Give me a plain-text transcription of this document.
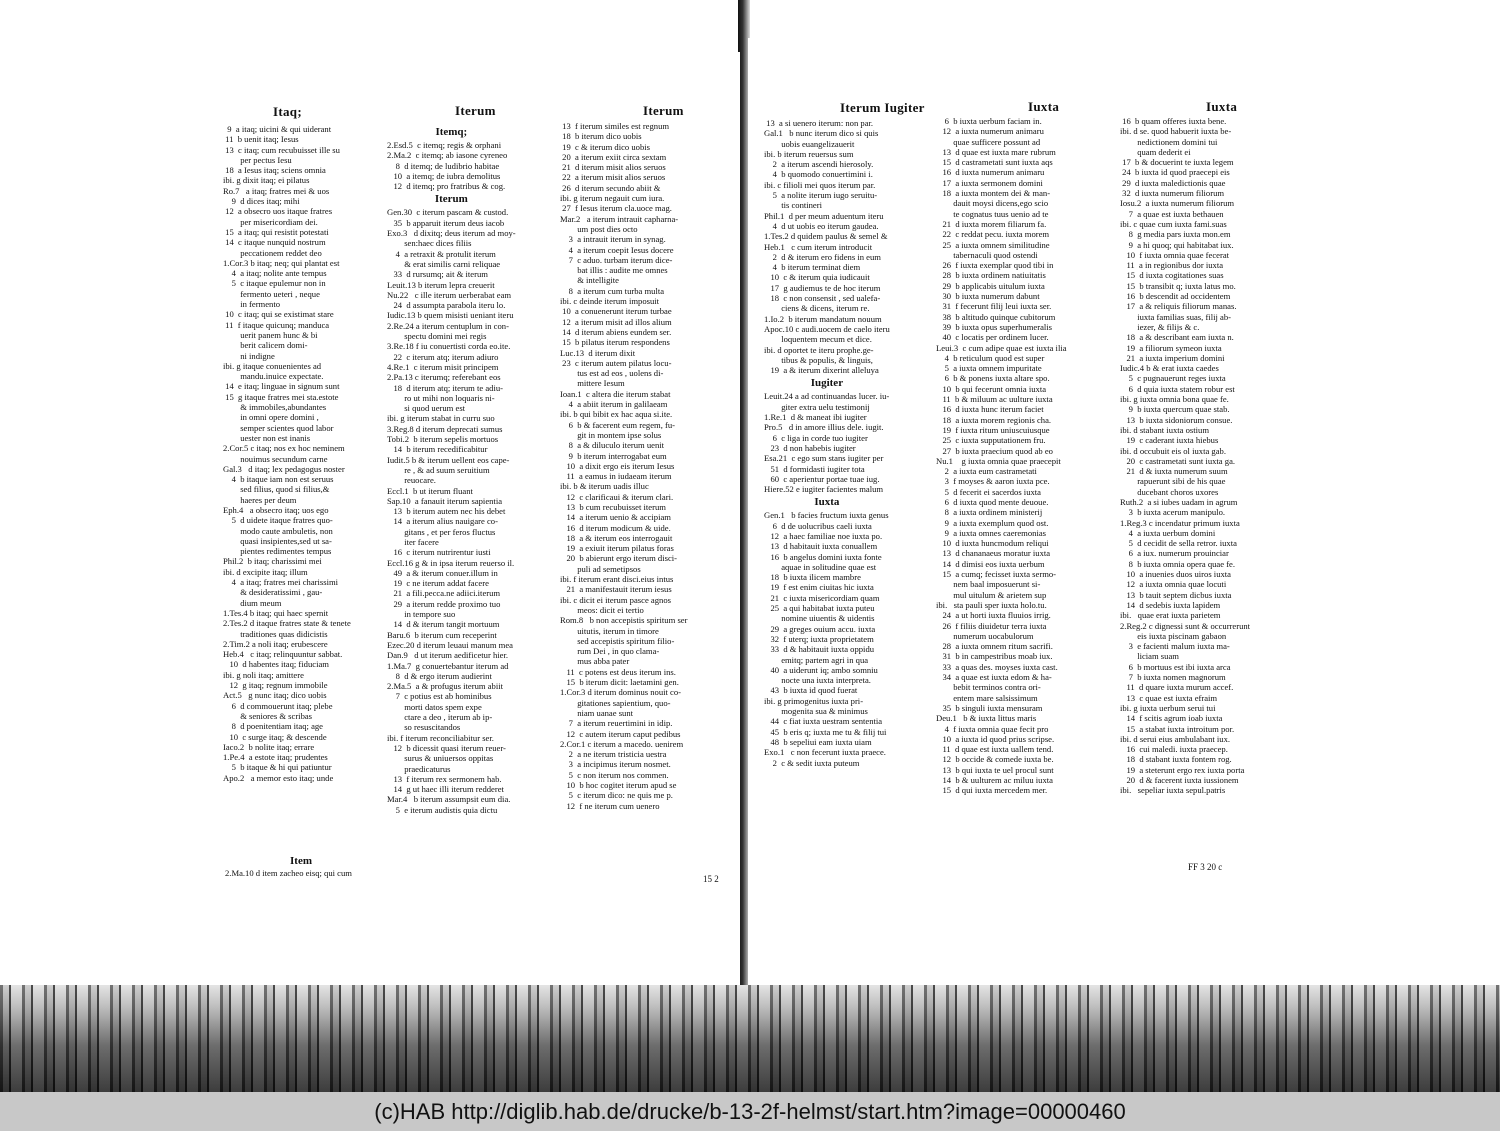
Itaq;	Iterum	Iterum
9  a itaq; uicini & qui uiderant
11  b uenit itaq; Iesus
13  c itaq; cum recubuisset ille su
per pectus Iesu
18  a Iesus itaq; sciens omnia
ibi. g dixit itaq; ei pilatus
Ro.7   a itaq; fratres mei & uos
9  d dices itaq; mihi
12  a obsecro uos itaque fratres
per misericordiam dei.
15  a itaq; qui resistit potestati
14  c itaque nunquid nostrum
peccationem reddet deo
1.Cor.3 b itaq; neq; qui plantat est
4  a itaq; nolite ante tempus
5  c itaque epulemur non in
fermento ueteri , neque
in fermento
10  c itaq; qui se existimat stare
11  f itaque quicunq; manduca
uerit panem hunc & bi
berit calicem domi-
ni indigne
ibi. g itaque conuenientes ad
mandu.inuice expectate.
14  e itaq; linguae in signum sunt
15  g itaque fratres mei sta.estote
& immobiles,abundantes
in omni opere domini ,
semper scientes quod labor
uester non est inanis
2.Cor.5 c itaq; nos ex hoc neminem
nouimus secundum carne
Gal.3   d itaq; lex pedagogus noster
4  b itaque iam non est seruus
sed filius, quod si filius,&
haeres per deum
Eph.4   a obsecro itaq; uos ego
5  d uidete itaque fratres quo-
modo caute ambuletis, non
quasi insipientes,sed ut sa-
pientes redimentes tempus
Phil.2  b itaq; charissimi mei
ibi. d excipite itaq; illum
4  a itaq; fratres mei charissimi
& desideratissimi , gau-
dium meum
1.Tes.4 b itaq; qui haec spernit
2.Tes.2 d itaque fratres state & tenete
traditiones quas didicistis
2.Tim.2 a noli itaq; erubescere
Heb.4   c itaq; relinquuntur sabbat.
10  d habentes itaq; fiduciam
ibi. g noli itaq; amittere
12  g itaq; regnum immobile
Act.5   g nunc itaq; dico uobis
6  d commouerunt itaq; plebe
& seniores & scribas
8  d poenitentiam itaq; age
10  c surge itaq; & descende
Iaco.2  b nolite itaq; errare
1.Pe.4  a estote itaq; prudentes
5  b itaque & hi qui patiuntur
Apo.2   a memor esto itaq; unde
Itemq;
2.Esd.5  c itemq; regis & orphani
2.Ma.2  c itemq; ab iasone cyreneo
8  d itemq; de ludibrio habitae
10  a itemq; de iubra demolitus
12  d itemq; pro fratribus & cog.
Iterum
Gen.30  c iterum pascam & custod.
35  b apparuit iterum deus iacob
Exo.3   d dixitq; deus iterum ad moy-
sen:haec dices filiis
4  a retraxit & protulit iterum
& erat similis carni reliquae
33  d rursumq; ait & iterum
Leuit.13 b iterum lepra creuerit
Nu.22   c ille iterum uerberabat eam
24  d assumpta parabola iteru lo.
Iudic.13 b quem misisti ueniant iteru
2.Re.24 a iterum centuplum in con-
spectu domini mei regis
3.Re.18 f iu conuertisti corda eo.ite.
22  c iterum atq; iterum adiuro
4.Re.1  c iterum misit principem
2.Pa.13 c iterumq; referebant eos
18  d iterum atq; iterum te adiu-
ro ut mihi non loquaris ni-
si quod uerum est
ibi. g iterum stabat in curru suo
3.Reg.8 d iterum deprecati sumus
Tobi.2  b iterum sepelis mortuos
14  b iterum recedificabitur
Iudit.5 b & iterum uellent eos cape-
re , & ad suum seruitium
reuocare.
Eccl.1  b ut iterum fluant
Sap.10  a fanauit iterum sapientia
13  b iterum autem nec his debet
14  a iterum alius nauigare co-
gitans , et per feros fluctus
iter facere
16  c iterum nutrirentur iusti
Eccl.16 g & in ipsa iterum reuerso il.
49  a & iterum conuer.illum in
19  c ne iterum addat facere
21  a fili.pecca.ne adiici.iterum
29  a iterum redde proximo tuo
in tempore suo
14  d & iterum tangit mortuum
Baru.6  b iterum cum receperint
Ezec.20 d iterum leuaui manum mea
Dan.9   d ut iterum aedificetur hier.
1.Ma.7  g conuertebantur iterum ad
8  d & ergo iterum audierint
2.Ma.5  a & profugus iterum abiit
7  c potius est ab hominibus
morti datos spem expe
ctare a deo , iterum ab ip-
so resuscitandos
ibi. f iterum reconciliabitur ser.
12  b dicessit quasi iterum reuer-
surus & uniuersos oppitas
praedicaturus
13  f iterum rex sermonem hab.
14  g ut haec illi iterum redderet
Mar.4   b iterum assumpsit eum dia.
5  e iterum audistis quia dictu
13  f iterum similes est regnum
18  b iterum dico uobis
19  c & iterum dico uobis
20  a iterum exiit circa sextam
21  d iterum misit alios seruos
22  a iterum misit alios seruos
26  d iterum secundo abiit &
ibi. g iterum negauit cum iura.
27  f Iesus iterum cla.uoce mag.
Mar.2   a iterum intrauit capharna-
um post dies octo
3  a intrauit iterum in synag.
4  a iterum coepit Iesus docere
7  c aduo. turbam iterum dice-
bat illis : audite me omnes
& intelligite
8  a iterum cum turba multa
ibi. c deinde iterum imposuit
10  a conuenerunt iterum turbae
12  a iterum misit ad illos alium
14  d iterum abiens eundem ser.
15  b pilatus iterum respondens
Luc.13  d iterum dixit
23  c iterum autem pilatus locu-
tus est ad eos , uolens di-
mittere Iesum
Ioan.1  c altera die iterum stabat
4  a abiit iterum in galilaeam
ibi. b qui bibit ex hac aqua si.ite.
6  b & facerent eum regem, fu-
git in montem ipse solus
8  a & diluculo iterum uenit
9  b iterum interrogabat eum
10  a dixit ergo eis iterum Iesus
11  a eamus in iudaeam iterum
ibi. b & iterum uadis illuc
12  c clarificaui & iterum clari.
13  b cum recubuisset iterum
14  a iterum uenio & accipiam
16  d iterum modicum & uide.
18  a & iterum eos interrogauit
19  a exiuit iterum pilatus foras
20  b abierunt ergo iterum disci-
puli ad semetipsos
ibi. f iterum erant disci.eius intus
21  a manifestauit iterum iesus
ibi. c dicit ei iterum pasce agnos
meos: dicit ei tertio
Rom.8   b non accepistis spiritum ser
uitutis, iterum in timore
sed accepistis spiritum filio-
rum Dei , in quo clama-
mus abba pater
11  c potens est deus iterum ins.
15  b iterum dicit: laetamini gen.
1.Cor.3 d iterum dominus nouit co-
gitationes sapientium, quo-
niam uanae sunt
7  a iterum reuertimini in idip.
12  c autem iterum caput pedibus
2.Cor.1 c iterum a macedo. uenirem
2  a ne iterum tristicia uestra
3  a incipimus iterum nosmet.
5  c non iterum nos commen.
10  b hoc cogitet iterum apud se
5  c iterum dico: ne quis me p.
12  f ne iterum cum uenero
Item
2.Ma.10 d item zacheo eisq; qui cum
15 2
Iterum Iugiter	Iuxta	Iuxta
13  a si uenero iterum: non par.
Gal.1   b nunc iterum dico si quis
uobis euangelizauerit
ibi. b iterum reuersus sum
2  a iterum ascendi hierosoly.
4  b quomodo conuertimini i.
ibi. c filioli mei quos iterum par.
5  a nolite iterum iugo seruitu-
tis contineri
Phil.1  d per meum aduentum iteru
4  d ut uobis eo iterum gaudea.
1.Tes.2 d quidem paulus & semel &
Heb.1   c cum iterum introducit
2  d & iterum ero fidens in eum
4  b iterum terminat diem
10  c & iterum quia iudicauit
17  g audiemus te de hoc iterum
18  c non consensit , sed ualefa-
ciens & dicens, iterum re.
1.Io.2  b iterum mandatum nouum
Apoc.10 c audi.uocem de caelo iteru
loquentem mecum et dice.
ibi. d oportet te iteru prophe.ge-
tibus & populis, & linguis,
19  a & iterum dixerint alleluya
Iugiter
Leuit.24 a ad continuandas lucer. iu-
giter extra uelu testimonij
1.Re.1  d & maneat ibi iugiter
Pro.5   d in amore illius dele. iugit.
6  c liga in corde tuo iugiter
23  d non habebis iugiter
Esa.21  c ego sum stans iugiter per
51  d formidasti iugiter tota
60  c aperientur portae tuae iug.
Hiere.52 e iugiter facientes malum
Iuxta
Gen.1   b facies fructum iuxta genus
6  d de uolucribus caeli iuxta
12  a haec familiae noe iuxta po.
13  d habitauit iuxta conuallem
16  b angelus domini iuxta fonte
aquae in solitudine quae est
18  b iuxta ilicem mambre
19  f est enim ciuitas hic iuxta
21  c iuxta misericordiam quam
25  a qui habitabat iuxta puteu
nomine uiuentis & uidentis
29  a greges ouium accu. iuxta
32  f uterq; iuxta proprietatem
33  d & habitauit iuxta oppidu
emitq; partem agri in qua
40  a uiderunt iq; ambo somniu
nocte una iuxta interpreta.
43  b iuxta id quod fuerat
ibi. g primogenitus iuxta pri-
mogenita sua & minimus
44  c fiat iuxta uestram sententia
45  b eris q; iuxta me tu & filij tui
48  b sepeliui eam iuxta uiam
Exo.1   c non fecerunt iuxta praece.
2  c & sedit iuxta puteum
6  b iuxta uerbum faciam in.
12  a iuxta numerum animaru
quae sufficere possunt ad
13  d quae est iuxta mare rubrum
15  d castrametati sunt iuxta aqs
16  d iuxta numerum animaru
17  a iuxta sermonem domini
18  a iuxta montem dei & man-
dauit moysi dicens,ego scio
te cognatus tuus uenio ad te
21  d iuxta morem filiarum fa.
22  c reddat pecu. iuxta morem
25  a iuxta omnem similitudine
tabernaculi quod ostendi
26  f iuxta exemplar quod tibi in
28  b iuxta ordinem natiuitatis
29  b applicabis uitulum iuxta
30  b iuxta numerum dabunt
31  f fecerunt filij leui iuxta ser.
38  b altitudo quinque cubitorum
39  b iuxta opus superhumeralis
40  c locatis per ordinem lucer.
Leui.3  c cum adipe quae est iuxta ilia
4  b reticulum quod est super
5  a iuxta omnem impuritate
6  b & ponens iuxta altare spo.
10  b qui fecerunt omnia iuxta
11  b & miluum ac uulture iuxta
16  d iuxta hunc iterum faciet
18  a iuxta morem regionis cha.
19  f iuxta ritum uniuscuiusque
25  c iuxta supputationem fru.
27  b iuxta praecium quod ab eo
Nu.1    g iuxta omnia quae praecepit
2  a iuxta eum castrametati
3  f moyses & aaron iuxta pce.
5  d fecerit ei sacerdos iuxta
6  d iuxta quod mente deuoue.
8  a iuxta ordinem ministerij
9  a iuxta exemplum quod ost.
9  a iuxta omnes caeremonias
10  d iuxta huncmodum reliqui
13  d chananaeus moratur iuxta
14  d dimisi eos iuxta uerbum
15  a cumq; fecisset iuxta sermo-
nem baal imposuerunt si-
mul uitulum & arietem sup
ibi.   sta pauli sper iuxta holo.tu.
24  a ut horti iuxta fluuios irrig.
26  f filiis diuidetur terra iuxta
numerum uocabulorum
28  a iuxta omnem ritum sacrifi.
31  b in campestribus moab iux.
33  a quas des. moyses iuxta cast.
34  a quae est iuxta edom & ha-
bebit terminos contra ori-
entem mare salsissimum
35  b singuli iuxta mensuram
Deu.1   b & iuxta littus maris
4  f iuxta omnia quae fecit pro
10  a iuxta id quod prius scripse.
11  d quae est iuxta uallem tend.
12  b occide & comede iuxta be.
13  b qui iuxta te uel procul sunt
14  b & uulturem ac miluu iuxta
15  d qui iuxta mercedem mer.
16  b quam offeres iuxta bene.
ibi. d se. quod habuerit iuxta be-
nedictionem domini tui
quam dederit ei
17  b & docuerint te iuxta legem
24  b iuxta id quod praecepi eis
29  d iuxta maledictionis quae
32  d iuxta numerum filiorum
Iosu.2  a iuxta numerum filiorum
7  a quae est iuxta bethauen
ibi. c quae cum iuxta fami.suas
8  g media pars iuxta mon.em
9  a hi quoq; qui habitabat iux.
10  f iuxta omnia quae fecerat
11  a in regionibus dor iuxta
15  d iuxta cogitationes suas
15  b transibit q; iuxta latus mo.
16  b descendit ad occidentem
17  a & reliquis filiorum manas.
iuxta familias suas, filij ab-
iezer, & filijs & c.
18  a & describant eam iuxta n.
19  a filiorum symeon iuxta
21  a iuxta imperium domini
Iudic.4 b & erat iuxta caedes
5  c pugnauerunt reges iuxta
6  d quia iuxta statem robur est
ibi. g iuxta omnia bona quae fe.
9  b iuxta quercum quae stab.
13  b iuxta sidoniorum consue.
ibi. d stabant iuxta ostium
19  c caderant iuxta hiebus
ibi. d occubuit eis ol iuxta gab.
20  c castrametati sunt iuxta ga.
21  d & iuxta numerum suum
rapuerunt sibi de his quae
ducebant choros uxores
Ruth.2  a si iubes uadam in agrum
3  b iuxta acerum manipulo.
1.Reg.3 c incendatur primum iuxta
4  a iuxta uerbum domini
5  d cecidit de sella retror. iuxta
6  a iux. numerum prouinciar
8  b iuxta omnia opera quae fe.
10  a inuenies duos uiros iuxta
12  a iuxta omnia quae locuti
13  b tauit septem dicbus iuxta
14  d sedebis iuxta lapidem
ibi.   quae erat iuxta parietem
2.Reg.2 c dignessi sunt & occurrerunt
eis iuxta piscinam gabaon
3  e facienti malum iuxta ma-
liciam suam
6  b mortuus est ibi iuxta arca
7  b iuxta nomen magnorum
11  d quare iuxta murum accef.
13  c quae est iuxta efraim
ibi. g iuxta uerbum serui tui
14  f scitis agrum ioab iuxta
15  a stabat iuxta introitum por.
ibi. d serui eius ambulabant iux.
16  cui maledi. iuxta praecep.
18  d stabant iuxta fontem rog.
19  a steterunt ergo rex iuxta porta
20  d & facerent iuxta iussionem
ibi.   sepeliar iuxta sepul.patris
FF 3 20 c
(c)HAB http://diglib.hab.de/drucke/b-13-2f-helmst/start.htm?image=00000460
